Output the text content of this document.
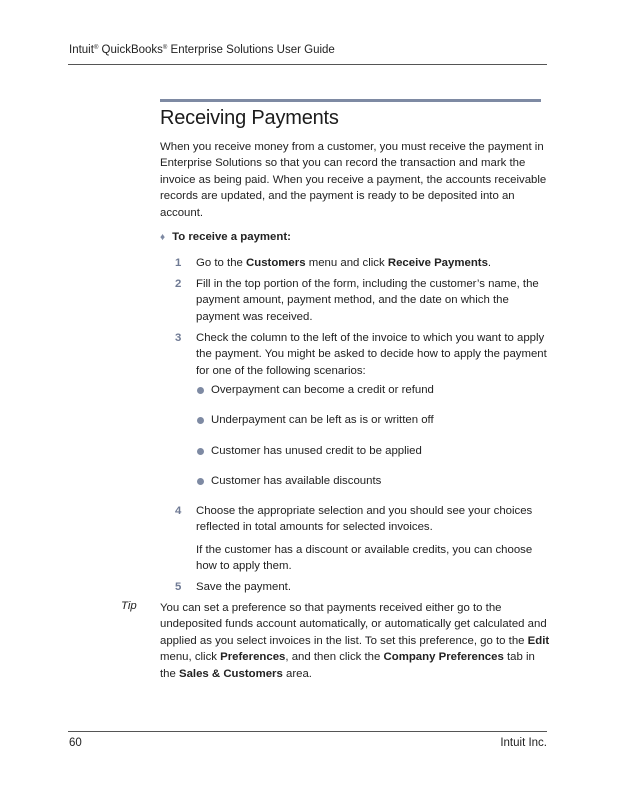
Intuit® QuickBooks® Enterprise Solutions User Guide
Receiving Payments
When you receive money from a customer, you must receive the payment in Enterprise Solutions so that you can record the transaction and mark the invoice as being paid. When you receive a payment, the accounts receivable records are updated, and the payment is ready to be deposited into an account.
♦ To receive a payment:
1	Go to the Customers menu and click Receive Payments.
2	Fill in the top portion of the form, including the customer’s name, the payment amount, payment method, and the date on which the payment was received.
3	Check the column to the left of the invoice to which you want to apply the payment. You might be asked to decide how to apply the payment for one of the following scenarios:
Overpayment can become a credit or refund
Underpayment can be left as is or written off
Customer has unused credit to be applied
Customer has available discounts
4	Choose the appropriate selection and you should see your choices reflected in total amounts for selected invoices.
If the customer has a discount or available credits, you can choose how to apply them.
5	Save the payment.
Tip You can set a preference so that payments received either go to the undeposited funds account automatically, or automatically get calculated and applied as you select invoices in the list. To set this preference, go to the Edit menu, click Preferences, and then click the Company Preferences tab in the Sales & Customers area.
60	Intuit Inc.
